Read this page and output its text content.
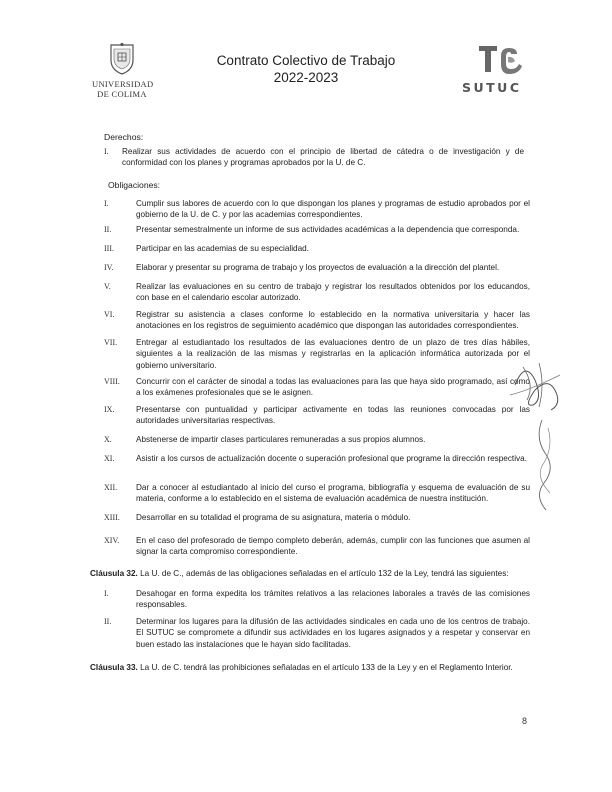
UNIVERSIDAD
DE COLIMA
Contrato Colectivo de Trabajo
2022-2023
SUTUC
Derechos:
I.	Realizar sus actividades de acuerdo con el principio de libertad de cátedra o de investigación y de conformidad con los planes y programas aprobados por la U. de C.
Obligaciones:
I.	Cumplir sus labores de acuerdo con lo que dispongan los planes y programas de estudio aprobados por el gobierno de la U. de C. y por las academias correspondientes.
II.	Presentar semestralmente un informe de sus actividades académicas a la dependencia que corresponda.
III.	Participar en las academias de su especialidad.
IV.	Elaborar y presentar su programa de trabajo y los proyectos de evaluación a la dirección del plantel.
V.	Realizar las evaluaciones en su centro de trabajo y registrar los resultados obtenidos por los educandos, con base en el calendario escolar autorizado.
VI.	Registrar su asistencia a clases conforme lo establecido en la normativa universitaria y hacer las anotaciones en los registros de seguimiento académico que dispongan las autoridades correspondientes.
VII.	Entregar al estudiantado los resultados de las evaluaciones dentro de un plazo de tres días hábiles, siguientes a la realización de las mismas y registrarlas en la aplicación informática autorizada por el gobierno universitario.
VIII.	Concurrir con el carácter de sinodal a todas las evaluaciones para las que haya sido programado, así como a los exámenes profesionales que se le asignen.
IX.	Presentarse con puntualidad y participar activamente en todas las reuniones convocadas por las autoridades universitarias respectivas.
X.	Abstenerse de impartir clases particulares remuneradas a sus propios alumnos.
XI.	Asistir a los cursos de actualización docente o superación profesional que programe la dirección respectiva.
XII.	Dar a conocer al estudiantado al inicio del curso el programa, bibliografía y esquema de evaluación de su materia, conforme a lo establecido en el sistema de evaluación académica de nuestra institución.
XIII.	Desarrollar en su totalidad el programa de su asignatura, materia o módulo.
XIV.	En el caso del profesorado de tiempo completo deberán, además, cumplir con las funciones que asumen al signar la carta compromiso correspondiente.
Cláusula 32. La U. de C., además de las obligaciones señaladas en el artículo 132 de la Ley, tendrá las siguientes:
I.	Desahogar en forma expedita los trámites relativos a las relaciones laborales a través de las comisiones responsables.
II.	Determinar los lugares para la difusión de las actividades sindicales en cada uno de los centros de trabajo. El SUTUC se compromete a difundir sus actividades en los lugares asignados y a respetar y conservar en buen estado las instalaciones que le hayan sido facilitadas.
Cláusula 33. La U. de C. tendrá las prohibiciones señaladas en el artículo 133 de la Ley y en el Reglamento Interior.
8
